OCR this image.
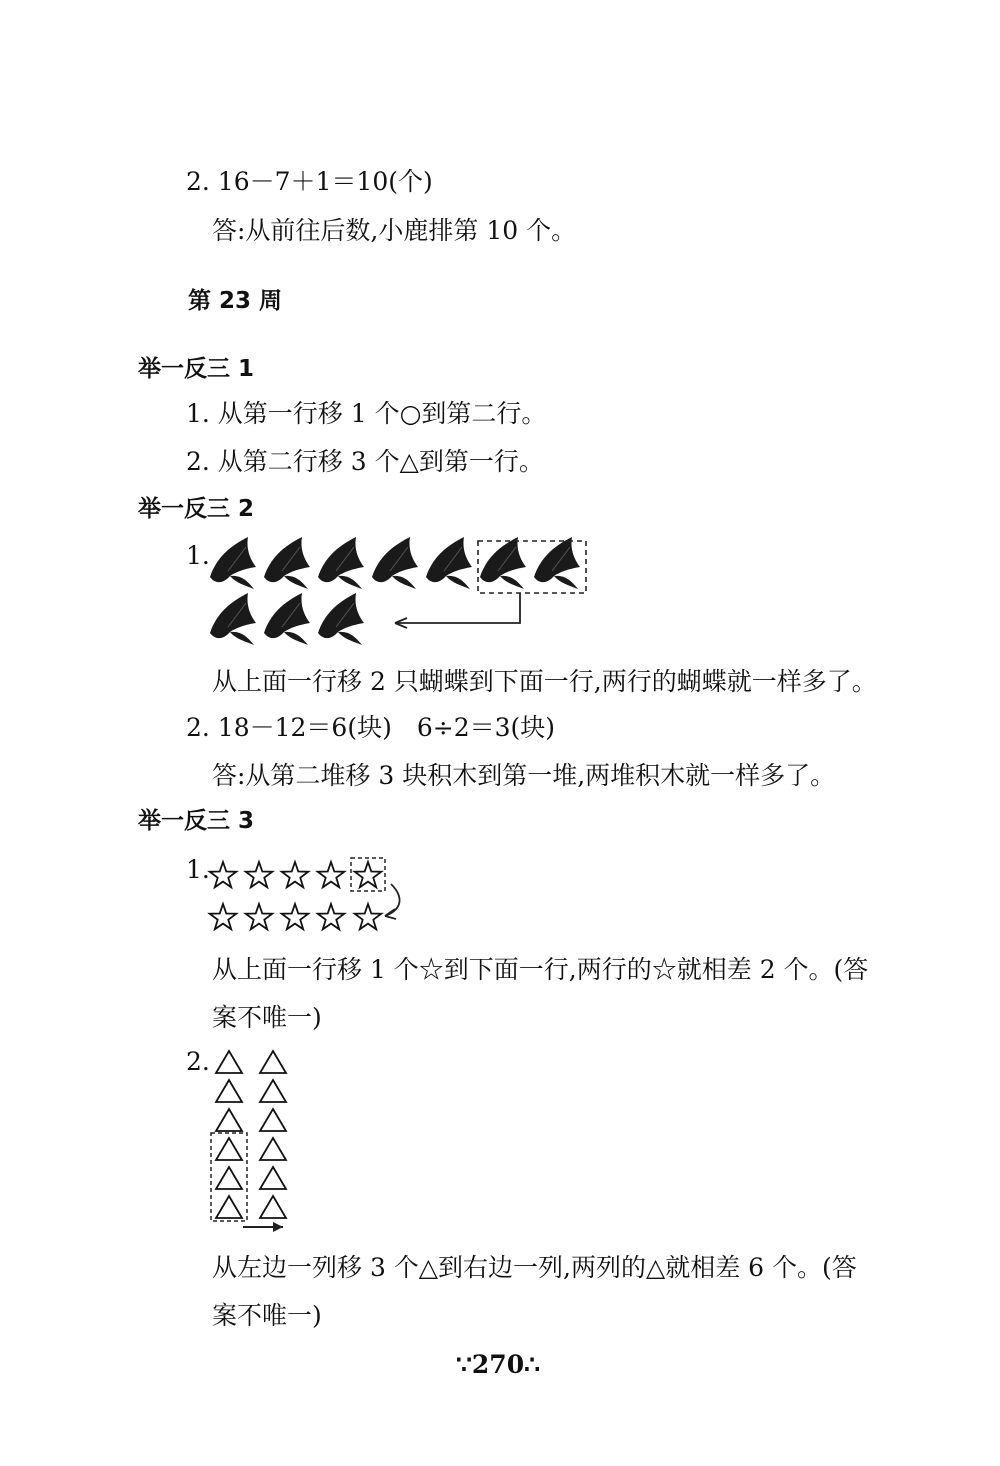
2. 16－7＋1＝10(个)
答:从前往后数,小鹿排第 10 个。
第 23 周
举一反三 1
1. 从第一行移 1 个○到第二行。
2. 从第二行移 3 个△到第一行。
举一反三 2
1.
从上面一行移 2 只蝴蝶到下面一行,两行的蝴蝶就一样多了。
2. 18－12＝6(块)　6÷2＝3(块)
答:从第二堆移 3 块积木到第一堆,两堆积木就一样多了。
举一反三 3
1.
从上面一行移 1 个☆到下面一行,两行的☆就相差 2 个。(答
案不唯一)
2.
从左边一列移 3 个△到右边一列,两列的△就相差 6 个。(答
案不唯一)
∵270∴
